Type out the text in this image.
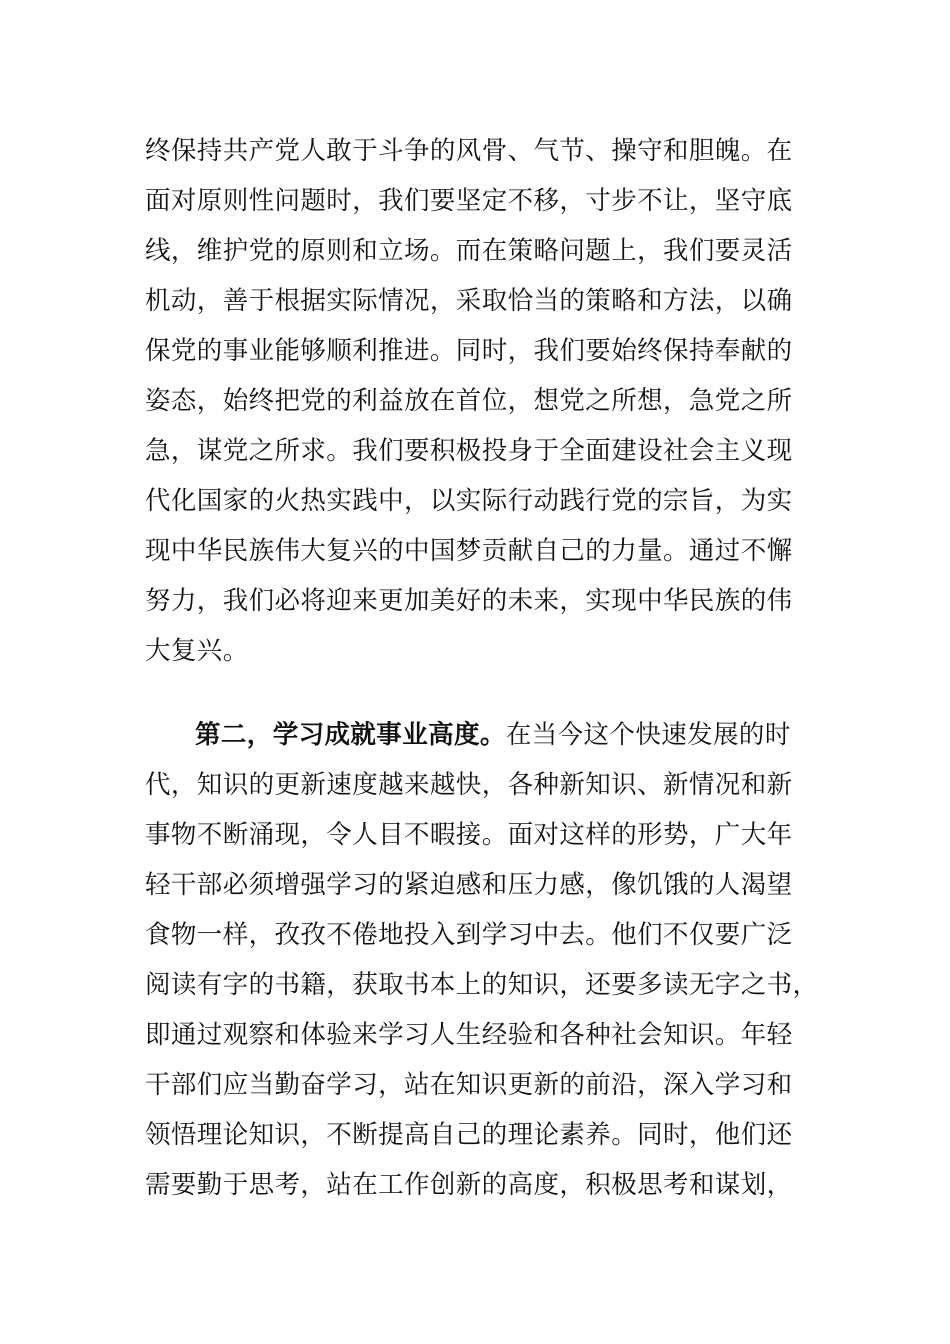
终保持共产党人敢于斗争的风骨、气节、操守和胆魄。在
面对原则性问题时，我们要坚定不移，寸步不让，坚守底
线，维护党的原则和立场。而在策略问题上，我们要灵活
机动，善于根据实际情况，采取恰当的策略和方法，以确
保党的事业能够顺利推进。同时，我们要始终保持奉献的
姿态，始终把党的利益放在首位，想党之所想，急党之所
急，谋党之所求。我们要积极投身于全面建设社会主义现
代化国家的火热实践中，以实际行动践行党的宗旨，为实
现中华民族伟大复兴的中国梦贡献自己的力量。通过不懈
努力，我们必将迎来更加美好的未来，实现中华民族的伟
大复兴。
第二，学习成就事业高度。在当今这个快速发展的时
代，知识的更新速度越来越快，各种新知识、新情况和新
事物不断涌现，令人目不暇接。面对这样的形势，广大年
轻干部必须增强学习的紧迫感和压力感，像饥饿的人渴望
食物一样，孜孜不倦地投入到学习中去。他们不仅要广泛
阅读有字的书籍，获取书本上的知识，还要多读无字之书，
即通过观察和体验来学习人生经验和各种社会知识。年轻
干部们应当勤奋学习，站在知识更新的前沿，深入学习和
领悟理论知识，不断提高自己的理论素养。同时，他们还
需要勤于思考，站在工作创新的高度，积极思考和谋划，
